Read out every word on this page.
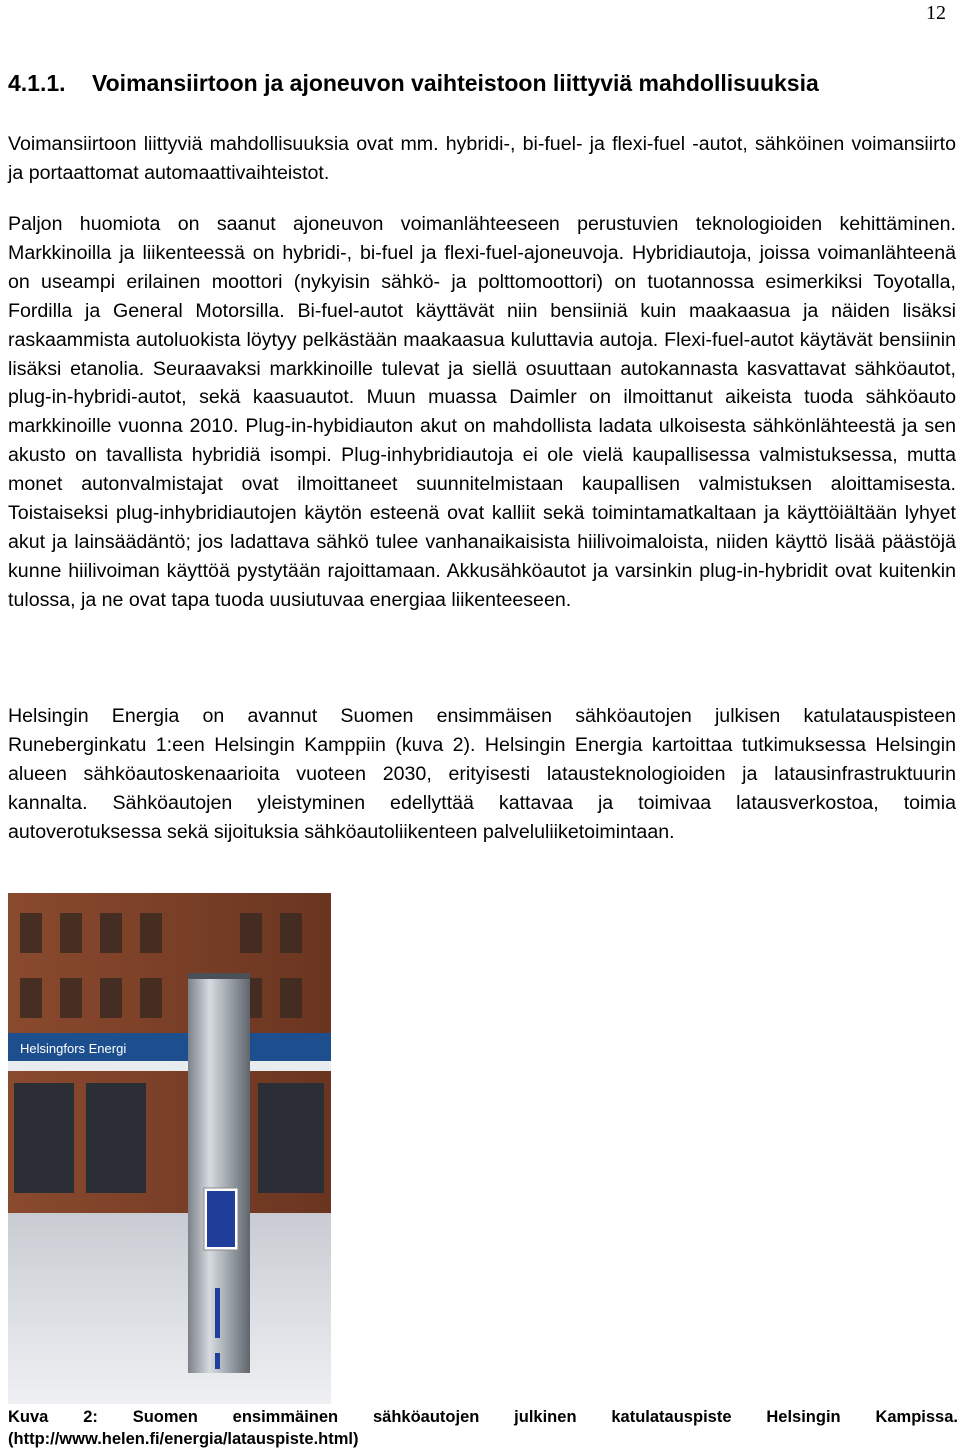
12
4.1.1. Voimansiirtoon ja ajoneuvon vaihteistoon liittyviä mahdollisuuksia

Voimansiirtoon liittyviä mahdollisuuksia ovat mm. hybridi-, bi-fuel- ja flexi-fuel -autot, sähköinen voimansiirto ja portaattomat automaattivaihteistot.

Paljon huomiota on saanut ajoneuvon voimanlähteeseen perustuvien teknologioiden kehittäminen. Markkinoilla ja liikenteessä on hybridi-, bi-fuel ja flexi-fuel-ajoneuvoja. Hybridiautoja, joissa voimanlähteenä on useampi erilainen moottori (nykyisin sähkö- ja polttomoottori) on tuotannossa esimerkiksi Toyotalla, Fordilla ja General Motorsilla. Bi-fuel-autot käyttävät niin bensiiniä kuin maakaasua ja näiden lisäksi raskaammista autoluokista löytyy pelkästään maakaasua kuluttavia autoja. Flexi-fuel-autot käytävät bensiinin lisäksi etanolia. Seuraavaksi markkinoille tulevat ja siellä osuuttaan autokannasta kasvattavat sähköautot, plug-in-hybridi-autot, sekä kaasuautot. Muun muassa Daimler on ilmoittanut aikeista tuoda sähköauto markkinoille vuonna 2010. Plug-in-hybidiauton akut on mahdollista ladata ulkoisesta sähkönlähteestä ja sen akusto on tavallista hybridiä isompi. Plug-inhybridiautoja ei ole vielä kaupallisessa valmistuksessa, mutta monet autonvalmistajat ovat ilmoittaneet suunnitelmistaan kaupallisen valmistuksen aloittamisesta. Toistaiseksi plug-inhybridiautojen käytön esteenä ovat kalliit sekä toimintamatkaltaan ja käyttöiältään lyhyet akut ja lainsäädäntö; jos ladattava sähkö tulee vanhanaikaisista hiilivoimaloista, niiden käyttö lisää päästöjä kunne hiilivoiman käyttöä pystytään rajoittamaan. Akkusähköautot ja varsinkin plug-in-hybridit ovat kuitenkin tulossa, ja ne ovat tapa tuoda uusiutuvaa energiaa liikenteeseen.

Helsingin Energia on avannut Suomen ensimmäisen sähköautojen julkisen katulatauspisteen Runeberginkatu 1:een Helsingin Kamppiin (kuva 2). Helsingin Energia kartoittaa tutkimuksessa Helsingin alueen sähköautoskenaarioita vuoteen 2030, erityisesti latausteknоlogioiden ja latausinfrastruktuurin kannalta. Sähköautojen yleistyminen edellyttää kattavaa ja toimivaa latausverkostoa, toimia autoverotuksessa sekä sijoituksia sähköautoliikenteen palveluliiketoimintaan.

Helsingfors Energi
Kuva 2: Suomen ensimmäinen sähköautojen julkinen katulatauspiste Helsingin Kampissa.
(http://www.helen.fi/energia/latauspiste.html)
